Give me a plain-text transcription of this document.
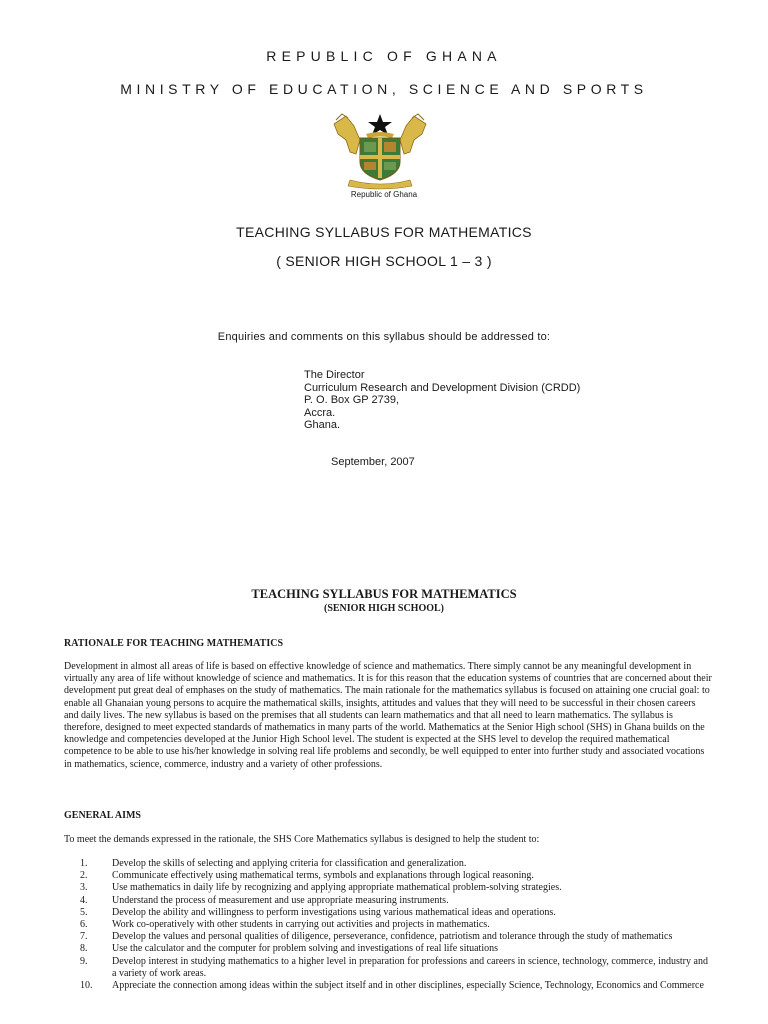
REPUBLIC OF GHANA
MINISTRY OF EDUCATION, SCIENCE AND SPORTS
Republic of Ghana
TEACHING SYLLABUS FOR MATHEMATICS
( SENIOR HIGH SCHOOL 1 – 3 )
Enquiries and comments on this syllabus should be addressed to:
The Director
Curriculum Research and Development Division (CRDD)
P. O. Box GP 2739,
Accra.
Ghana.
September, 2007
TEACHING SYLLABUS FOR MATHEMATICS
(SENIOR HIGH SCHOOL)
RATIONALE FOR TEACHING MATHEMATICS
Development in almost all areas of life is based on effective knowledge of science and mathematics. There simply cannot be any meaningful development in virtually any area of life without knowledge of science and mathematics. It is for this reason that the education systems of countries that are concerned about their development put great deal of emphases on the study of mathematics. The main rationale for the mathematics syllabus is focused on attaining one crucial goal: to enable all Ghanaian young persons to acquire the mathematical skills, insights, attitudes and values that they will need to be successful in their chosen careers and daily lives. The new syllabus is based on the premises that all students can learn mathematics and that all need to learn mathematics. The syllabus is therefore, designed to meet expected standards of mathematics in many parts of the world. Mathematics at the Senior High school (SHS) in Ghana builds on the knowledge and competencies developed at the Junior High School level. The student is expected at the SHS level to develop the required mathematical competence to be able to use his/her knowledge in solving real life problems and secondly, be well equipped to enter into further study and associated vocations in mathematics, science, commerce, industry and a variety of other professions.
GENERAL AIMS
To meet the demands expressed in the rationale, the SHS Core Mathematics syllabus is designed to help the student to:
1.	Develop the skills of selecting and applying criteria for classification and generalization.
2.	Communicate effectively using mathematical terms, symbols and explanations through logical reasoning.
3.	Use mathematics in daily life by recognizing and applying appropriate mathematical problem-solving strategies.
4.	Understand the process of measurement and use appropriate measuring instruments.
5.	Develop the ability and willingness to perform investigations using various mathematical ideas and operations.
6.	Work co-operatively with other students in carrying out activities and projects in mathematics.
7.	Develop the values and personal qualities of diligence, perseverance, confidence, patriotism and tolerance through the study of mathematics
8.	Use the calculator and the computer for problem solving and investigations of real life situations
9.	Develop interest in studying mathematics to a higher level in preparation for professions and careers in science, technology, commerce, industry and a variety of work areas.
10.	Appreciate the connection among ideas within the subject itself and in other disciplines, especially Science, Technology, Economics and Commerce
